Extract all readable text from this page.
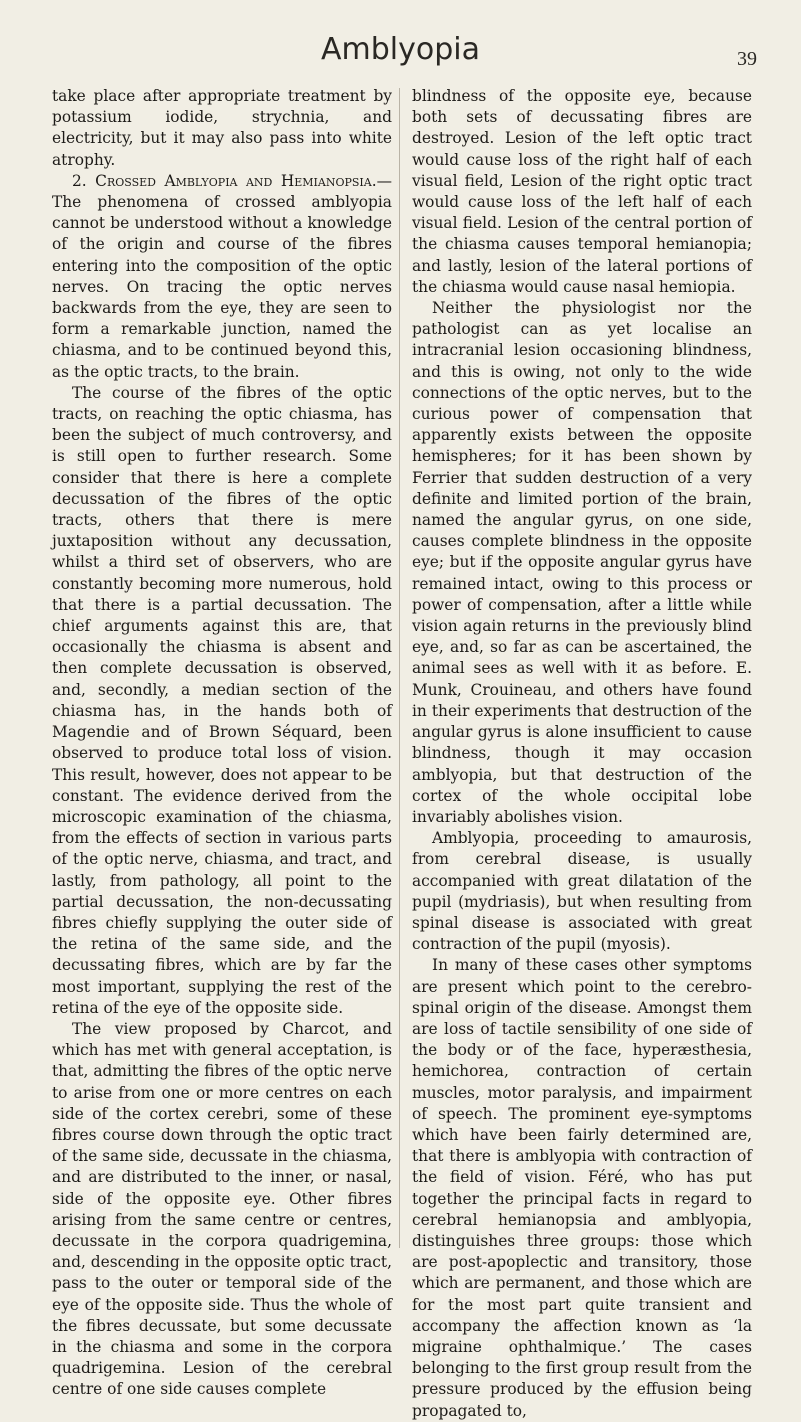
Amblyopia	39

take place after appropriate treatment by potassium iodide, strychnia, and electricity, but it may also pass into white atrophy.

2. Crossed Amblyopia and Hemianopsia.—The phenomena of crossed amblyopia cannot be understood without a knowledge of the origin and course of the fibres entering into the composition of the optic nerves. On tracing the optic nerves backwards from the eye, they are seen to form a remarkable junction, named the chiasma, and to be continued beyond this, as the optic tracts, to the brain.

The course of the fibres of the optic tracts, on reaching the optic chiasma, has been the subject of much controversy, and is still open to further research. Some consider that there is here a complete decussation of the fibres of the optic tracts, others that there is mere juxtaposition without any decussation, whilst a third set of observers, who are constantly becoming more numerous, hold that there is a partial decussation. The chief arguments against this are, that occasionally the chiasma is absent and then complete decussation is observed, and, secondly, a median section of the chiasma has, in the hands both of Magendie and of Brown Séquard, been observed to produce total loss of vision. This result, however, does not appear to be constant. The evidence derived from the microscopic examination of the chiasma, from the effects of section in various parts of the optic nerve, chiasma, and tract, and lastly, from pathology, all point to the partial decussation, the non-decussating fibres chiefly supplying the outer side of the retina of the same side, and the decussating fibres, which are by far the most important, supplying the rest of the retina of the eye of the opposite side.

The view proposed by Charcot, and which has met with general acceptation, is that, admitting the fibres of the optic nerve to arise from one or more centres on each side of the cortex cerebri, some of these fibres course down through the optic tract of the same side, decussate in the chiasma, and are distributed to the inner, or nasal, side of the opposite eye. Other fibres arising from the same centre or centres, decussate in the corpora quadrigemina, and, descending in the opposite optic tract, pass to the outer or temporal side of the eye of the opposite side. Thus the whole of the fibres decussate, but some decussate in the chiasma and some in the corpora quadrigemina. Lesion of the cerebral centre of one side causes complete

blindness of the opposite eye, because both sets of decussating fibres are destroyed. Lesion of the left optic tract would cause loss of the right half of each visual field, Lesion of the right optic tract would cause loss of the left half of each visual field. Lesion of the central portion of the chiasma causes temporal hemianopia; and lastly, lesion of the lateral portions of the chiasma would cause nasal hemiopia.

Neither the physiologist nor the pathologist can as yet localise an intracranial lesion occasioning blindness, and this is owing, not only to the wide connections of the optic nerves, but to the curious power of compensation that apparently exists between the opposite hemispheres; for it has been shown by Ferrier that sudden destruction of a very definite and limited portion of the brain, named the angular gyrus, on one side, causes complete blindness in the opposite eye; but if the opposite angular gyrus have remained intact, owing to this process or power of compensation, after a little while vision again returns in the previously blind eye, and, so far as can be ascertained, the animal sees as well with it as before. E. Munk, Crouineau, and others have found in their experiments that destruction of the angular gyrus is alone insufficient to cause blindness, though it may occasion amblyopia, but that destruction of the cortex of the whole occipital lobe invariably abolishes vision.

Amblyopia, proceeding to amaurosis, from cerebral disease, is usually accompanied with great dilatation of the pupil (mydriasis), but when resulting from spinal disease is associated with great contraction of the pupil (myosis).

In many of these cases other symptoms are present which point to the cerebro-spinal origin of the disease. Amongst them are loss of tactile sensibility of one side of the body or of the face, hyperæsthesia, hemichorea, contraction of certain muscles, motor paralysis, and impairment of speech. The prominent eye-symptoms which have been fairly determined are, that there is amblyopia with contraction of the field of vision. Féré, who has put together the principal facts in regard to cerebral hemianopsia and amblyopia, distinguishes three groups: those which are post-apoplectic and transitory, those which are permanent, and those which are for the most part quite transient and accompany the affection known as ‘la migraine ophthalmique.’ The cases belonging to the first group result from the pressure produced by the effusion being propagated to,
